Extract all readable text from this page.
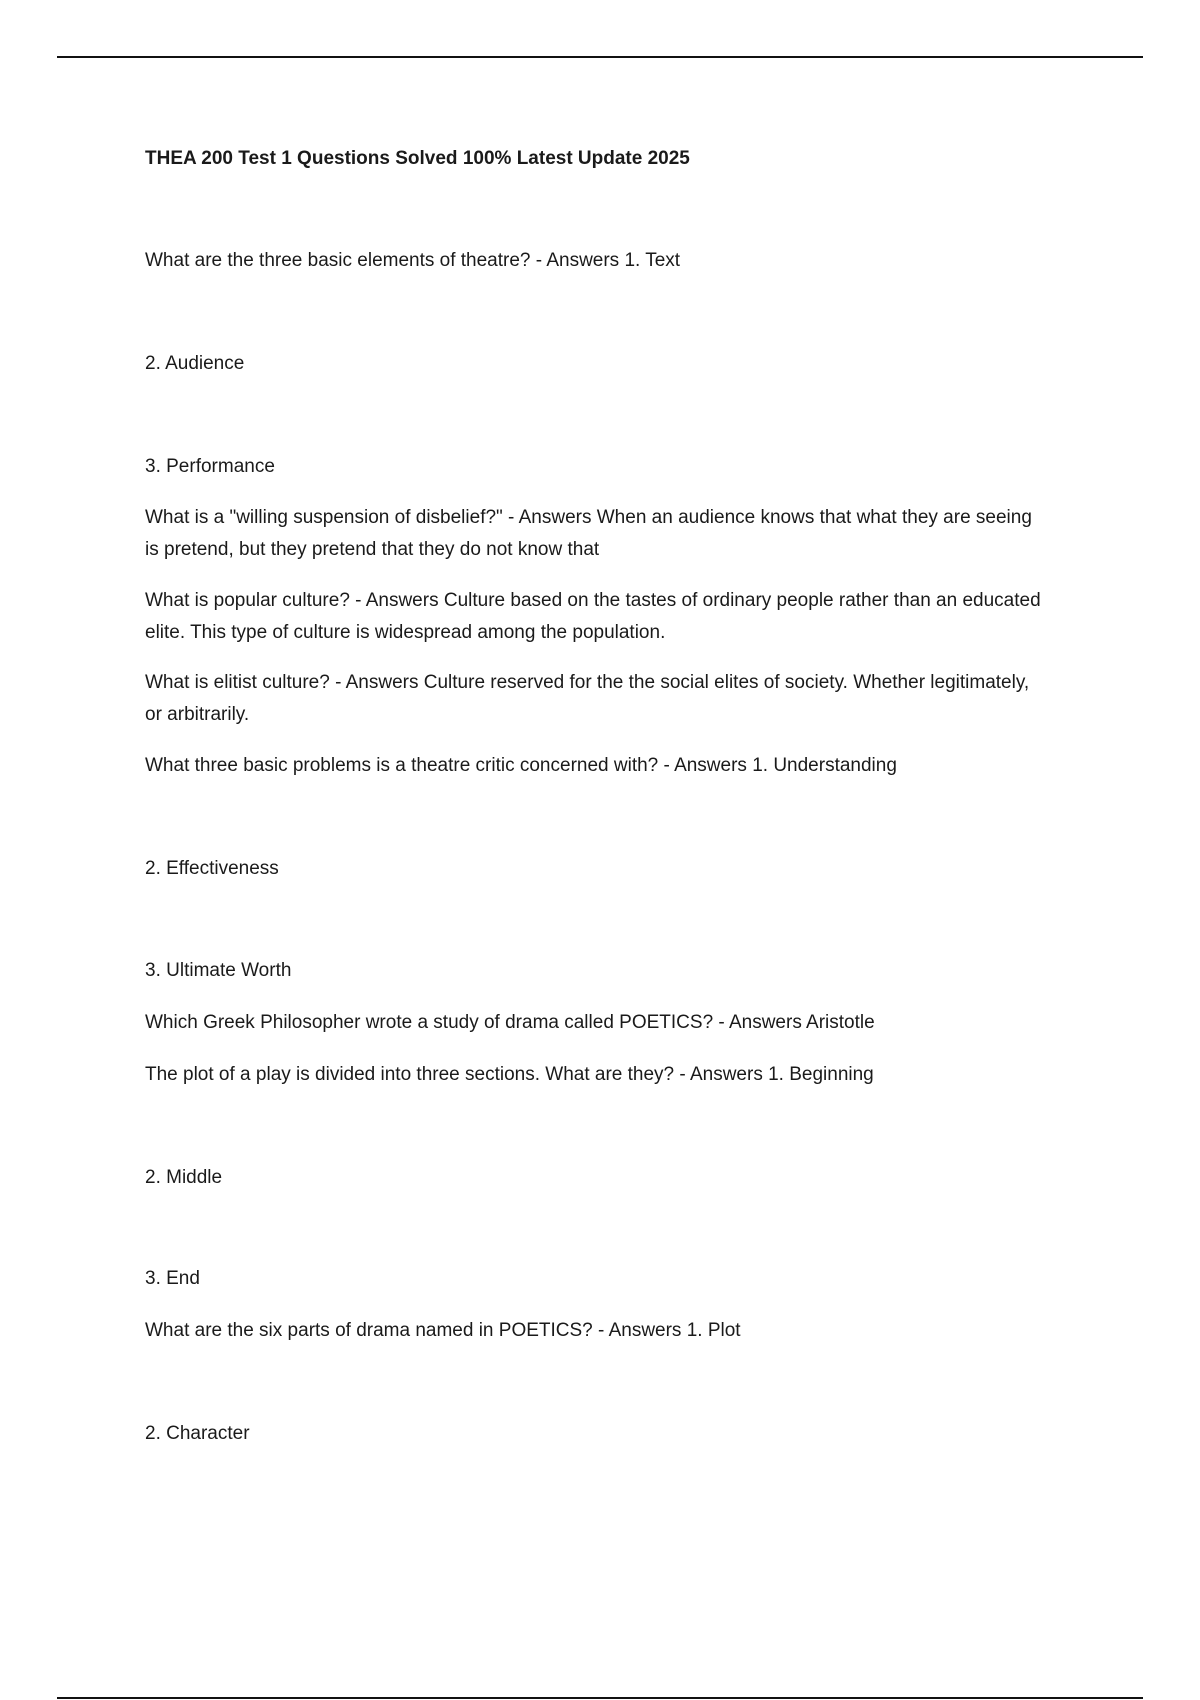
THEA 200 Test 1 Questions Solved 100% Latest Update 2025
What are the three basic elements of theatre? - Answers 1. Text
2. Audience
3. Performance
What is a "willing suspension of disbelief?" - Answers When an audience knows that what they are seeing is pretend, but they pretend that they do not know that
What is popular culture? - Answers Culture based on the tastes of ordinary people rather than an educated elite. This type of culture is widespread among the population.
What is elitist culture? - Answers Culture reserved for the the social elites of society. Whether legitimately, or arbitrarily.
What three basic problems is a theatre critic concerned with? - Answers 1. Understanding
2. Effectiveness
3. Ultimate Worth
Which Greek Philosopher wrote a study of drama called POETICS? - Answers Aristotle
The plot of a play is divided into three sections. What are they? - Answers 1. Beginning
2. Middle
3. End
What are the six parts of drama named in POETICS? - Answers 1. Plot
2. Character
